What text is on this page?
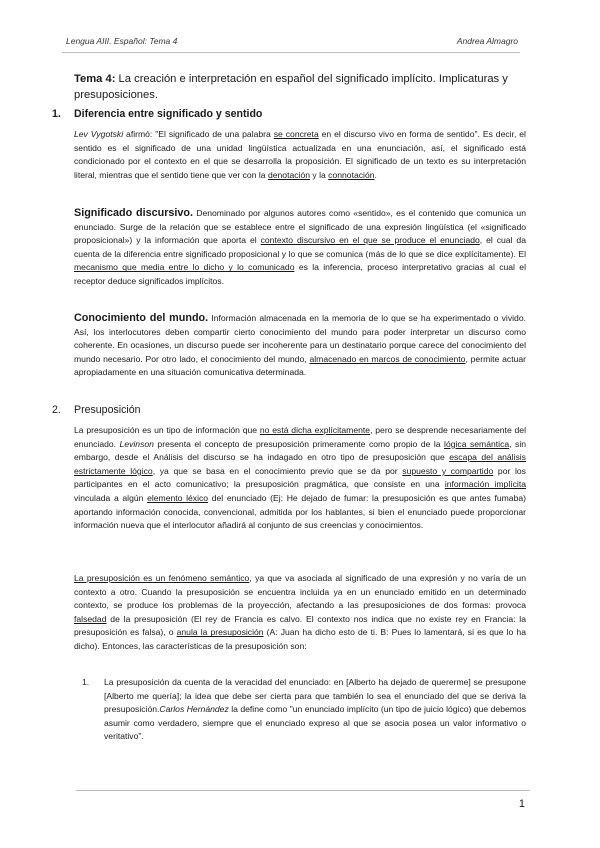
Lengua AIII. Español: Tema 4	Andrea Almagro
Tema 4: La creación e interpretación en español del significado implícito. Implicaturas y presuposiciones.
1. Diferencia entre significado y sentido

Lev Vygotski afirmó: "El significado de una palabra se concreta en el discurso vivo en forma de sentido". Es decir, el sentido es el significado de una unidad lingüística actualizada en una enunciación, así, el significado está condicionado por el contexto en el que se desarrolla la proposición. El significado de un texto es su interpretación literal, mientras que el sentido tiene que ver con la denotación y la connotación.

Significado discursivo. Denominado por algunos autores como «sentido», es el contenido que comunica un enunciado. Surge de la relación que se establece entre el significado de una expresión lingüística (el «significado proposicional») y la información que aporta el contexto discursivo en el que se produce el enunciado, el cual da cuenta de la diferencia entre significado proposicional y lo que se comunica (más de lo que se dice explícitamente). El mecanismo que media entre lo dicho y lo comunicado es la inferencia, proceso interpretativo gracias al cual el receptor deduce significados implícitos.

Conocimiento del mundo. Información almacenada en la memoria de lo que se ha experimentado o vivido. Así, los interlocutores deben compartir cierto conocimiento del mundo para poder interpretar un discurso como coherente. En ocasiones, un discurso puede ser incoherente para un destinatario porque carece del conocimiento del mundo necesario. Por otro lado, el conocimiento del mundo, almacenado en marcos de conocimiento, permite actuar apropiadamente en una situación comunicativa determinada.

2. Presuposición

La presuposición es un tipo de información que no está dicha explícitamente, pero se desprende necesariamente del enunciado. Levinson presenta el concepto de presuposición primeramente como propio de la lógica semántica, sin embargo, desde el Análisis del discurso se ha indagado en otro tipo de presuposición que escapa del análisis estrictamente lógico, ya que se basa en el conocimiento previo que se da por supuesto y compartido por los participantes en el acto comunicativo; la presuposición pragmática, que consiste en una información implícita vinculada a algún elemento léxico del enunciado (Ej: He dejado de fumar: la presuposición es que antes fumaba) aportando información conocida, convencional, admitida por los hablantes, si bien el enunciado puede proporcionar información nueva que el interlocutor añadirá al conjunto de sus creencias y conocimientos.

La presuposición es un fenómeno semántico, ya que va asociada al significado de una expresión y no varía de un contexto a otro. Cuando la presuposición se encuentra incluida ya en un enunciado emitido en un determinado contexto, se produce los problemas de la proyección, afectando a las presuposiciones de dos formas: provoca falsedad de la presuposición (El rey de Francia es calvo. El contexto nos indica que no existe rey en Francia: la presuposición es falsa), o anula la presuposición (A: Juan ha dicho esto de ti. B: Pues lo lamentará, si es que lo ha dicho). Entonces, las características de la presuposición son:

1. La presuposición da cuenta de la veracidad del enunciado: en [Alberto ha dejado de quererme] se presupone [Alberto me quería]; la idea que debe ser cierta para que también lo sea el enunciado del que se deriva la presuposición.Carlos Hernández la define como "un enunciado implícito (un tipo de juicio lógico) que debemos asumir como verdadero, siempre que el enunciado expreso al que se asocia posea un valor informativo o veritativo".
1
